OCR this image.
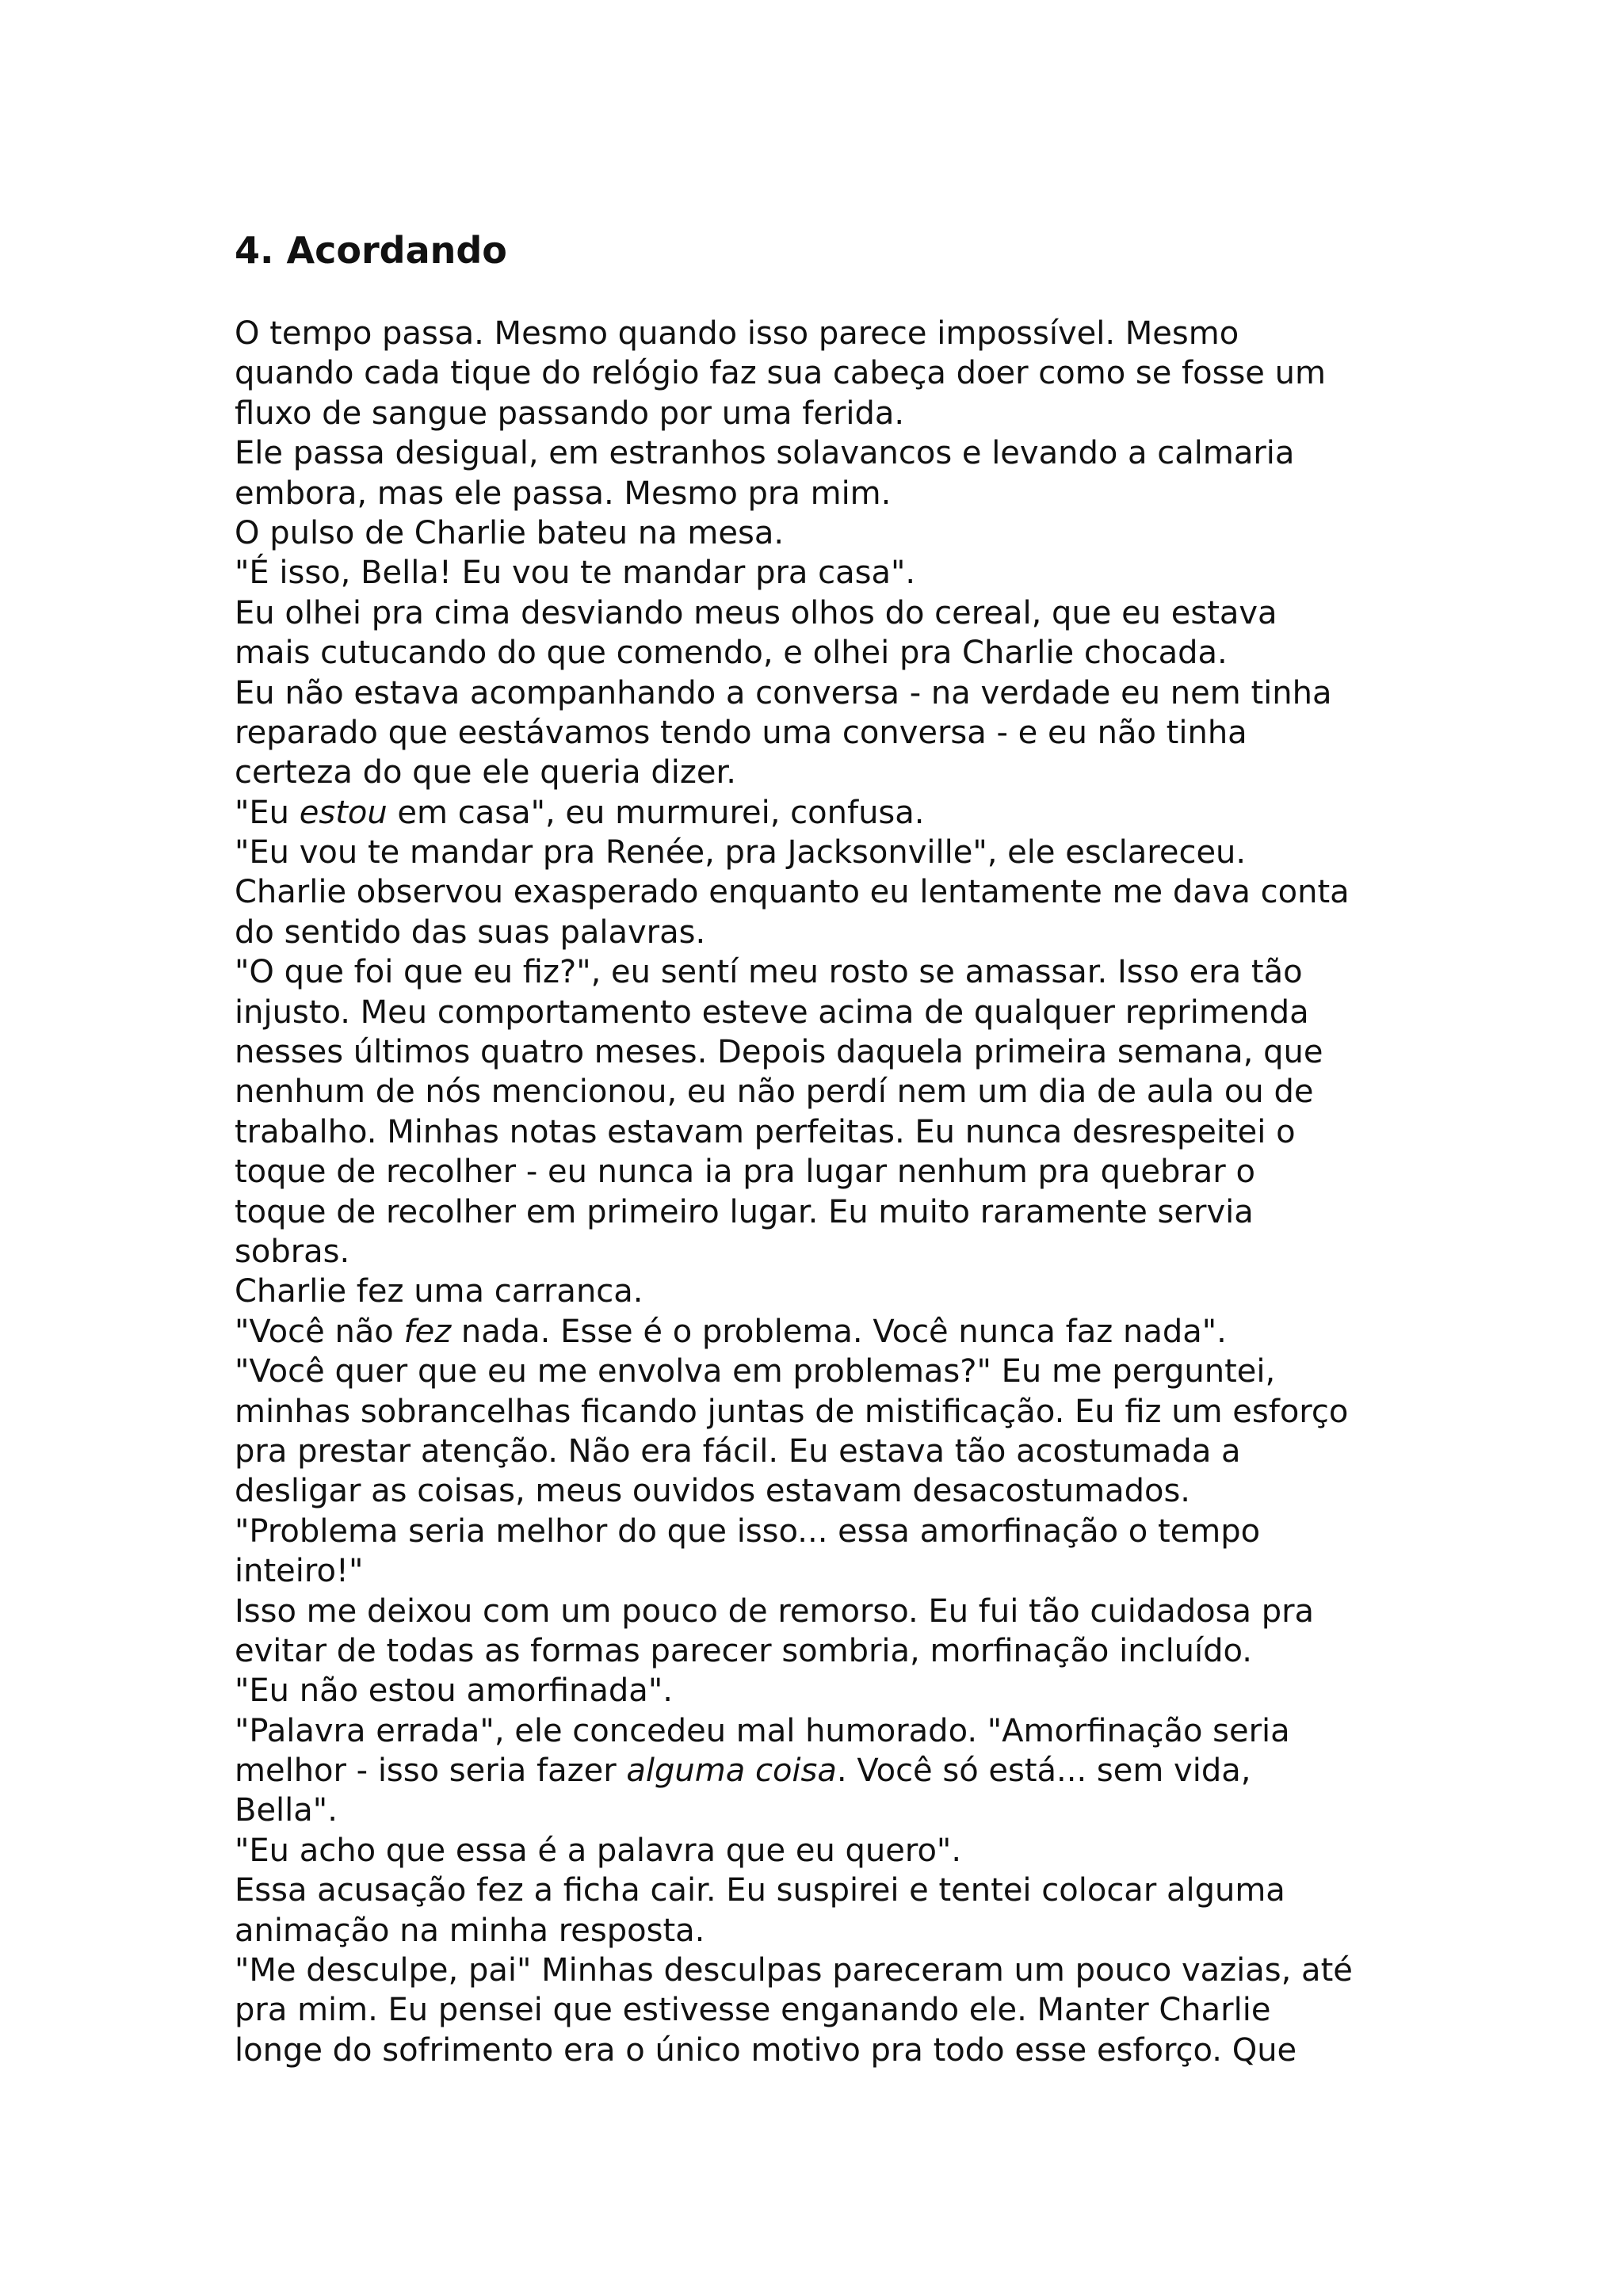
4. Acordando
O tempo passa. Mesmo quando isso parece impossível. Mesmo
quando cada tique do relógio faz sua cabeça doer como se fosse um
fluxo de sangue passando por uma ferida.
Ele passa desigual, em estranhos solavancos e levando a calmaria
embora, mas ele passa. Mesmo pra mim.
O pulso de Charlie bateu na mesa.
"É isso, Bella! Eu vou te mandar pra casa".
Eu olhei pra cima desviando meus olhos do cereal, que eu estava
mais cutucando do que comendo, e olhei pra Charlie chocada.
Eu não estava acompanhando a conversa - na verdade eu nem tinha
reparado que eestávamos tendo uma conversa - e eu não tinha
certeza do que ele queria dizer.
"Eu estou em casa", eu murmurei, confusa.
"Eu vou te mandar pra Renée, pra Jacksonville", ele esclareceu.
Charlie observou exasperado enquanto eu lentamente me dava conta
do sentido das suas palavras.
"O que foi que eu fiz?", eu sentí meu rosto se amassar. Isso era tão
injusto. Meu comportamento esteve acima de qualquer reprimenda
nesses últimos quatro meses. Depois daquela primeira semana, que
nenhum de nós mencionou, eu não perdí nem um dia de aula ou de
trabalho. Minhas notas estavam perfeitas. Eu nunca desrespeitei o
toque de recolher - eu nunca ia pra lugar nenhum pra quebrar o
toque de recolher em primeiro lugar. Eu muito raramente servia
sobras.
Charlie fez uma carranca.
"Você não fez nada. Esse é o problema. Você nunca faz nada".
"Você quer que eu me envolva em problemas?" Eu me perguntei,
minhas sobrancelhas ficando juntas de mistificação. Eu fiz um esforço
pra prestar atenção. Não era fácil. Eu estava tão acostumada a
desligar as coisas, meus ouvidos estavam desacostumados.
"Problema seria melhor do que isso... essa amorfinação o tempo
inteiro!"
Isso me deixou com um pouco de remorso. Eu fui tão cuidadosa pra
evitar de todas as formas parecer sombria, morfinação incluído.
"Eu não estou amorfinada".
"Palavra errada", ele concedeu mal humorado. "Amorfinação seria
melhor - isso seria fazer alguma coisa. Você só está... sem vida,
Bella".
"Eu acho que essa é a palavra que eu quero".
Essa acusação fez a ficha cair. Eu suspirei e tentei colocar alguma
animação na minha resposta.
"Me desculpe, pai" Minhas desculpas pareceram um pouco vazias, até
pra mim. Eu pensei que estivesse enganando ele. Manter Charlie
longe do sofrimento era o único motivo pra todo esse esforço. Que
